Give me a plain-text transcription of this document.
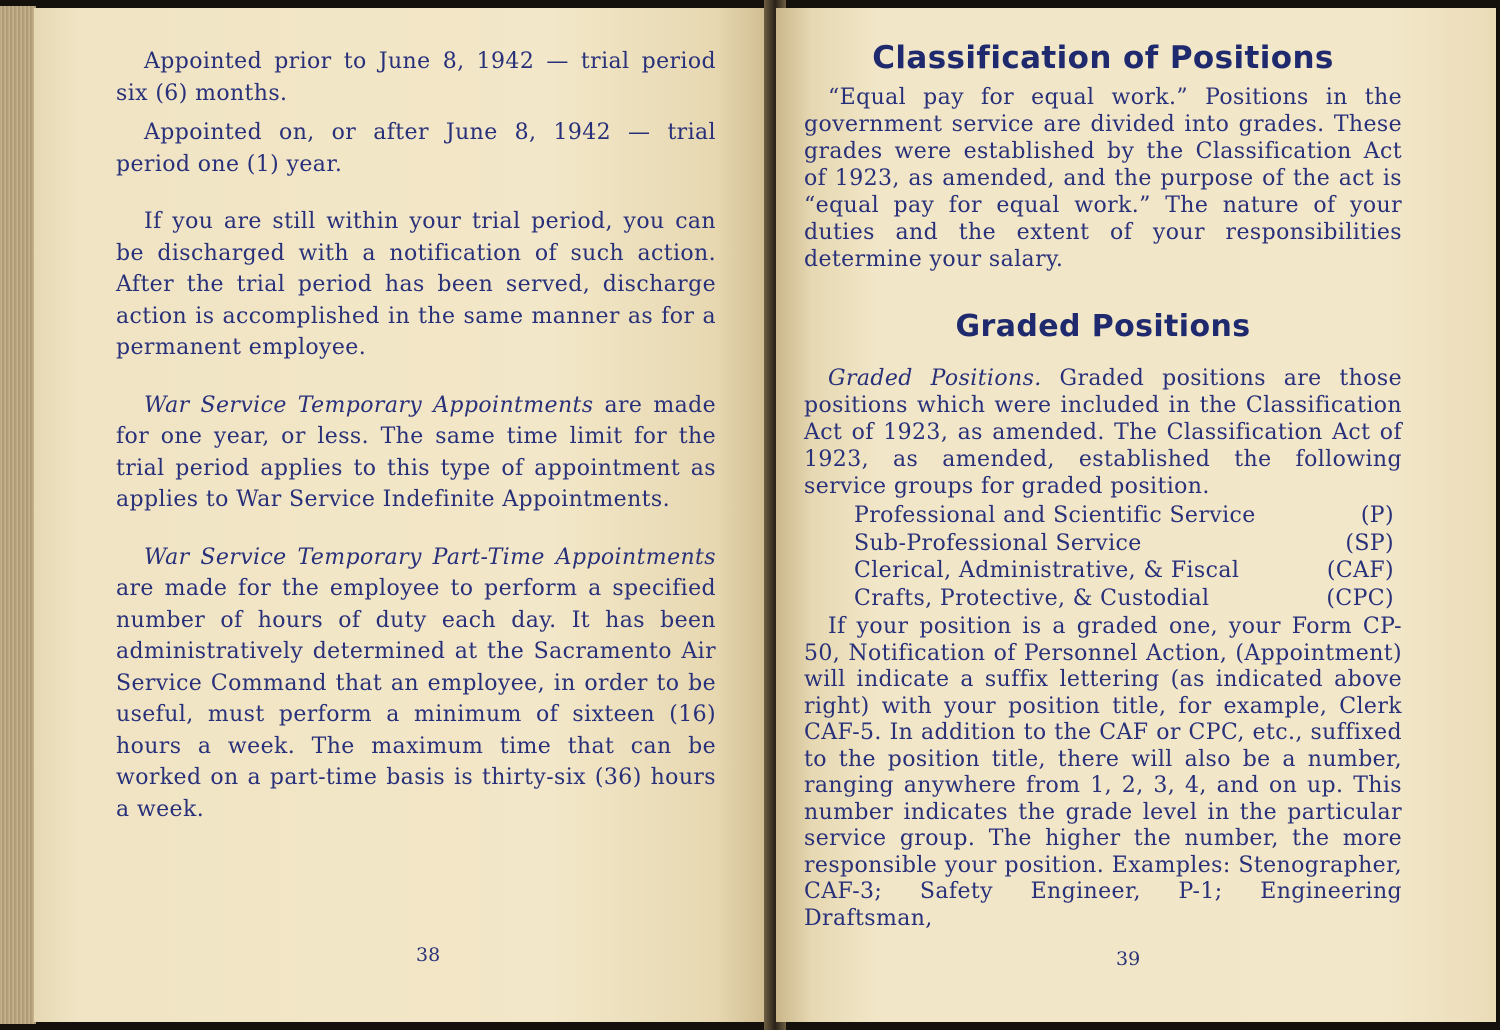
Appointed prior to June 8, 1942 — trial period six (6) months.

Appointed on, or after June 8, 1942 — trial period one (1) year.

If you are still within your trial period, you can be discharged with a notification of such action. After the trial period has been served, discharge action is accomplished in the same manner as for a permanent employee.

War Service Temporary Appointments are made for one year, or less. The same time limit for the trial period applies to this type of appointment as applies to War Service Indefinite Appointments.

War Service Temporary Part-Time Appointments are made for the employee to perform a specified number of hours of duty each day. It has been administratively determined at the Sacramento Air Service Command that an employee, in order to be useful, must perform a minimum of sixteen (16) hours a week. The maximum time that can be worked on a part-time basis is thirty-six (36) hours a week.

38
Classification of Positions

“Equal pay for equal work.” Positions in the government service are divided into grades. These grades were established by the Classification Act of 1923, as amended, and the purpose of the act is “equal pay for equal work.” The nature of your duties and the extent of your responsibilities determine your salary.

Graded Positions

Graded Positions. Graded positions are those positions which were included in the Classification Act of 1923, as amended. The Classification Act of 1923, as amended, established the following service groups for graded position.

Professional and Scientific Service	(P)
Sub-Professional Service	(SP)
Clerical, Administrative, & Fiscal	(CAF)
Crafts, Protective, & Custodial	(CPC)

If your position is a graded one, your Form CP-50, Notification of Personnel Action, (Appointment) will indicate a suffix lettering (as indicated above right) with your position title, for example, Clerk CAF-5. In addition to the CAF or CPC, etc., suffixed to the position title, there will also be a number, ranging anywhere from 1, 2, 3, 4, and on up. This number indicates the grade level in the particular service group. The higher the number, the more responsible your position. Examples: Stenographer, CAF-3; Safety Engineer, P-1; Engineering Draftsman,

39
